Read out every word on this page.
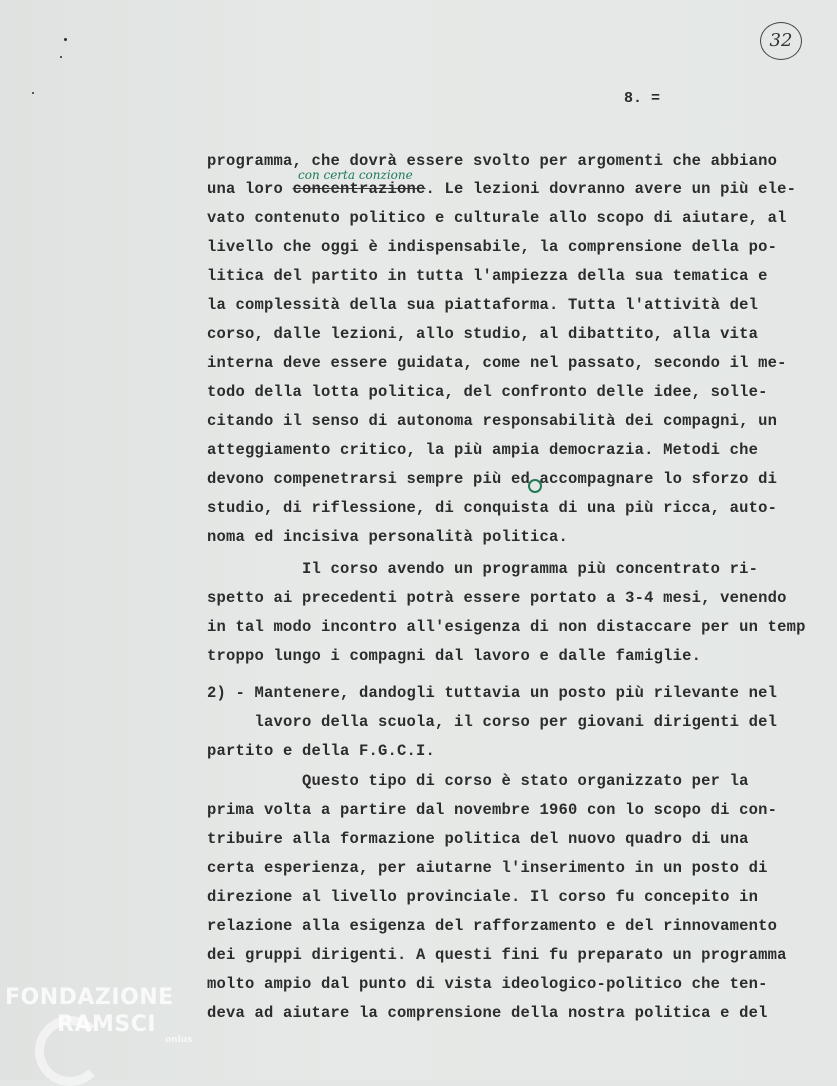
32
8. =
con certa conzione
programma, che dovrà essere svolto per argomenti che abbiano
una loro concentrazione. Le lezioni dovranno avere un più ele-
vato contenuto politico e culturale allo scopo di aiutare, al
livello che oggi è indispensabile, la comprensione della po-
litica del partito in tutta l'ampiezza della sua tematica e
la complessità della sua piattaforma. Tutta l'attività del
corso, dalle lezioni, allo studio, al dibattito, alla vita
interna deve essere guidata, come nel passato, secondo il me-
todo della lotta politica, del confronto delle idee, solle-
citando il senso di autonoma responsabilità dei compagni, un
atteggiamento critico, la più ampia democrazia. Metodi che
devono compenetrarsi sempre più ed accompagnare lo sforzo di
studio, di riflessione, di conquista di una più ricca, auto-
noma ed incisiva personalità politica.
Il corso avendo un programma più concentrato ri-
spetto ai precedenti potrà essere portato a 3-4 mesi, venendo
in tal modo incontro all'esigenza di non distaccare per un temp
troppo lungo i compagni dal lavoro e dalle famiglie.
2) - Mantenere, dandogli tuttavia un posto più rilevante nel
lavoro della scuola, il corso per giovani dirigenti del
partito e della F.G.C.I.
Questo tipo di corso è stato organizzato per la
prima volta a partire dal novembre 1960 con lo scopo di con-
tribuire alla formazione politica del nuovo quadro di una
certa esperienza, per aiutarne l'inserimento in un posto di
direzione al livello provinciale. Il corso fu concepito in
relazione alla esigenza del rafforzamento e del rinnovamento
dei gruppi dirigenti. A questi fini fu preparato un programma
molto ampio dal punto di vista ideologico-politico che ten-
deva ad aiutare la comprensione della nostra politica e del
FONDAZIONE
RAMSCI
onlus
